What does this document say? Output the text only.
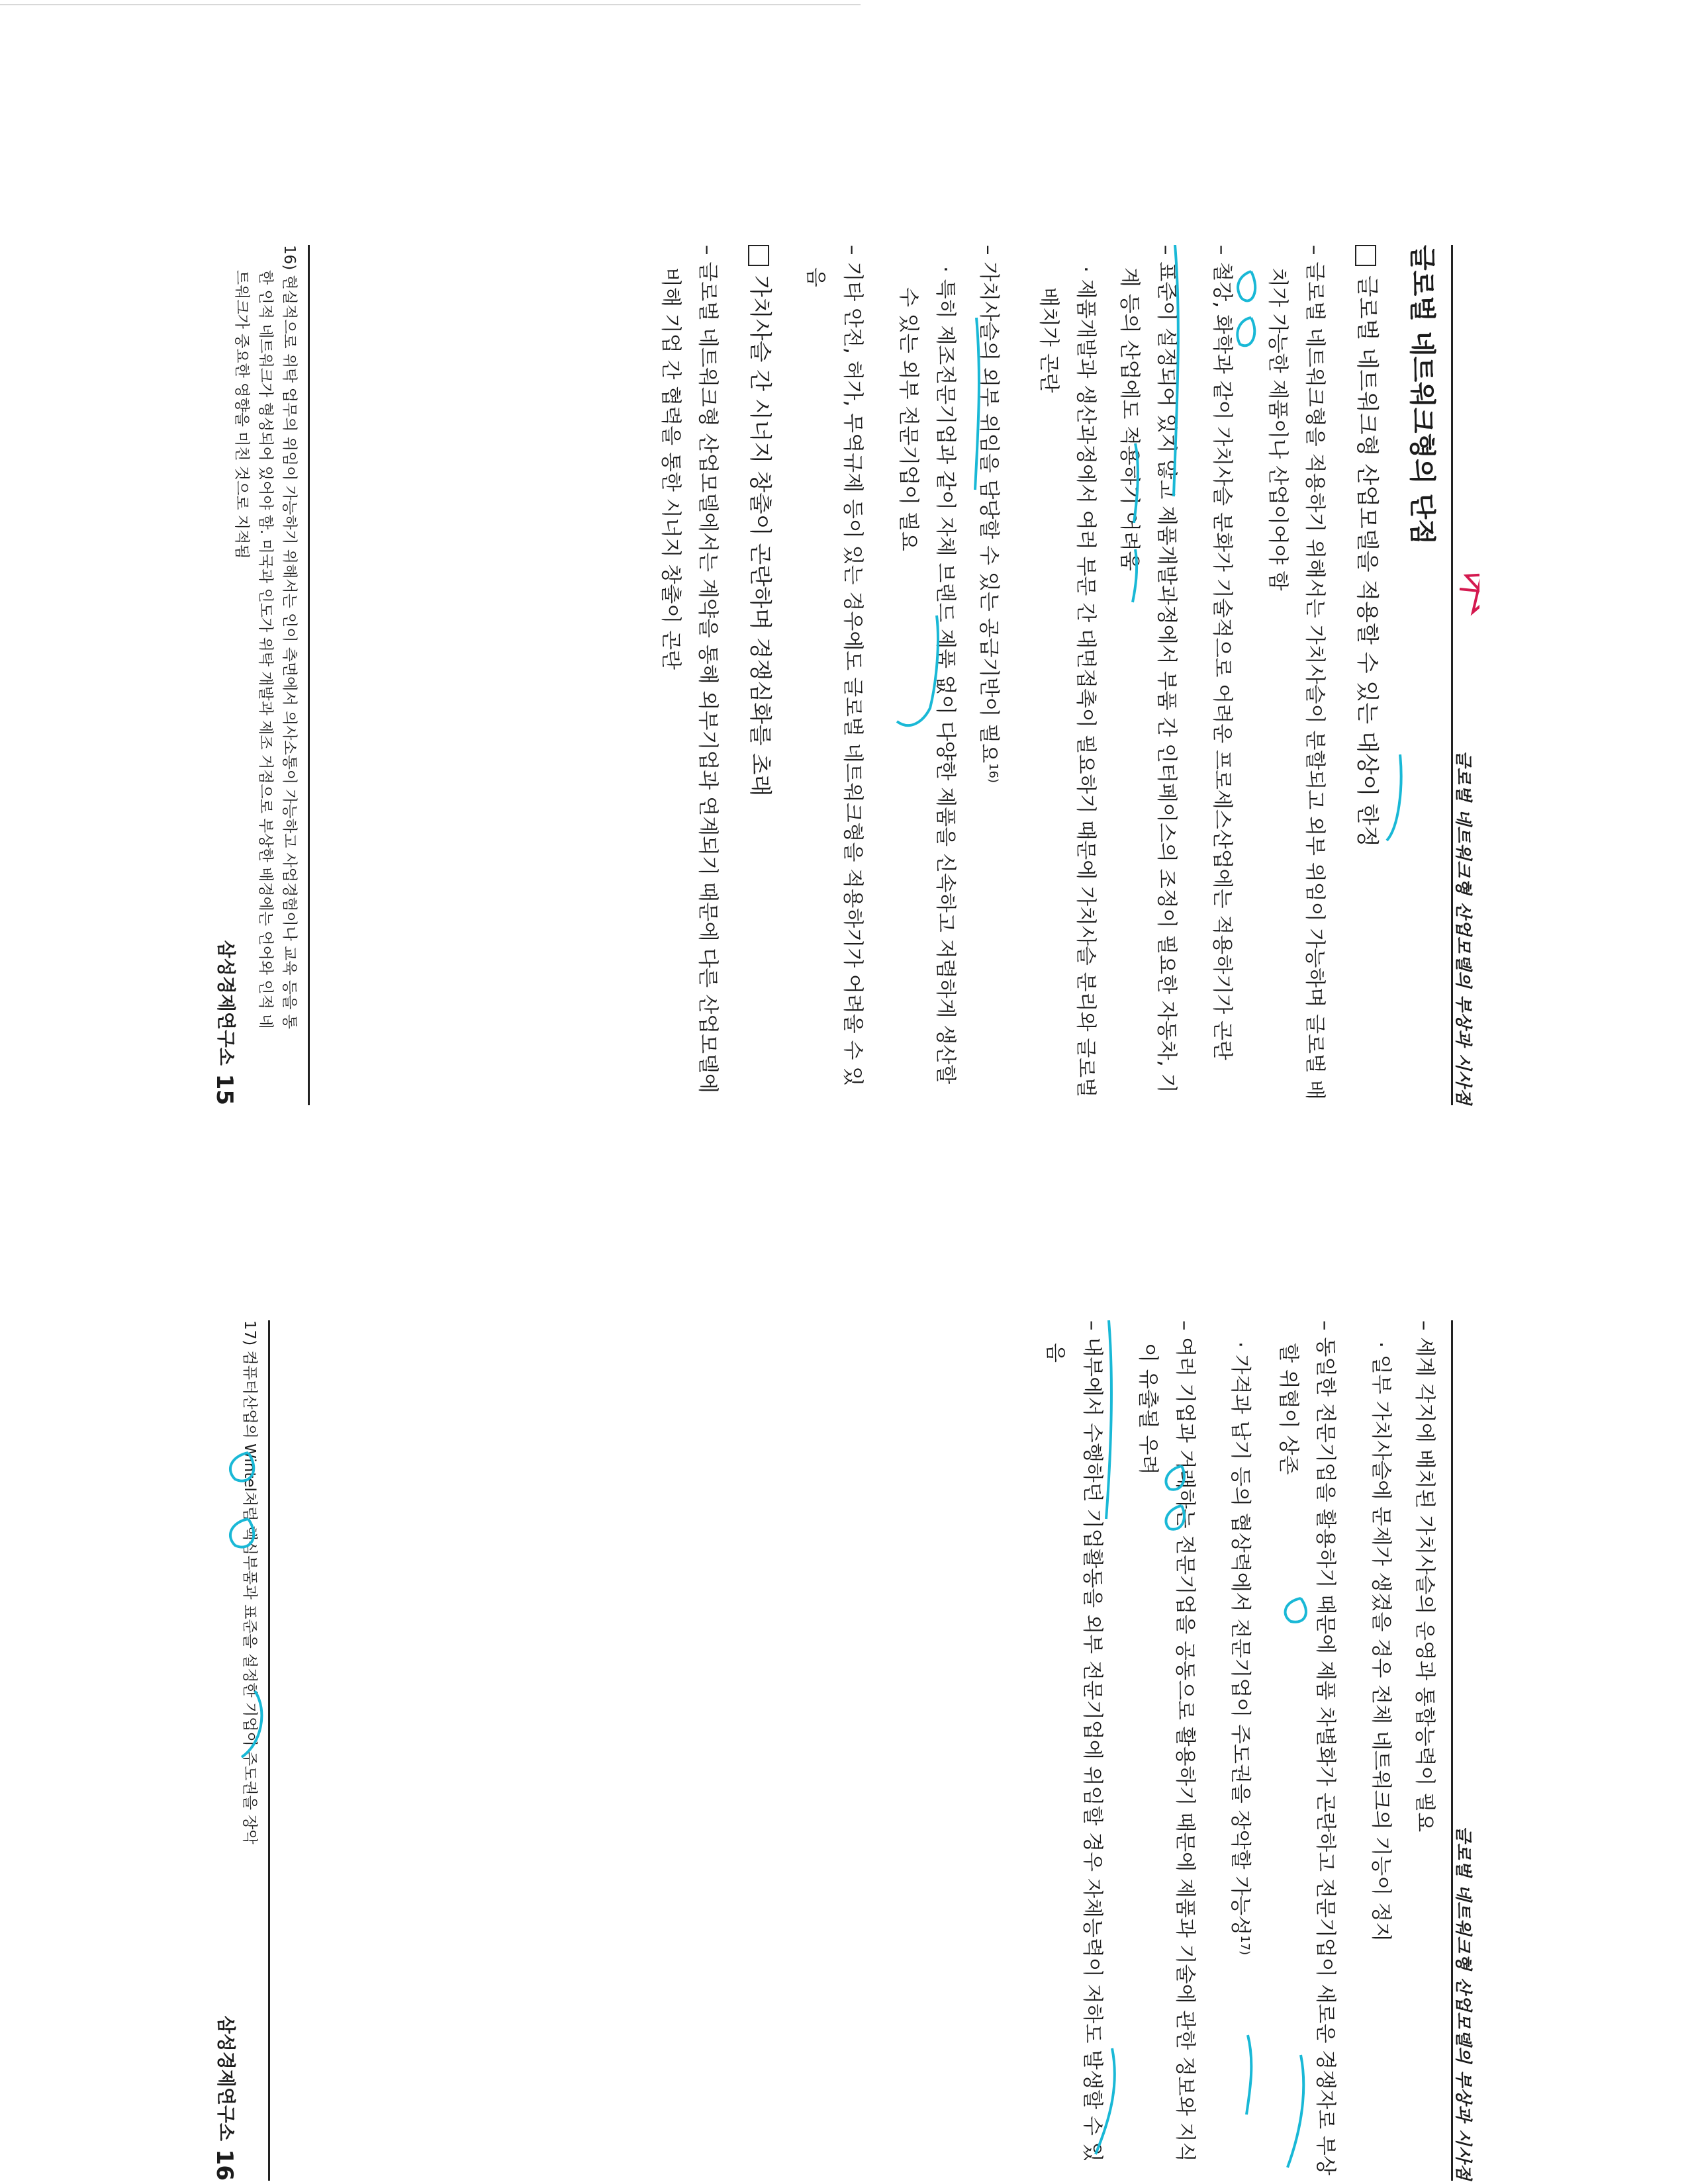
글로벌 네트워크형 산업모델의 부상과 시사점
글로벌 네트워크형의 단점
글로벌 네트워크형 산업모델을 적용할 수 있는 대상이 한정
– 글로벌 네트워크형을 적용하기 위해서는 가치사슬이 분할되고 외부 위임이 가능하며 글로벌 배치가 가능한 제품이나 산업이어야 함
– 철강, 화학과 같이 가치사슬 분화가 기술적으로 어려운 프로세스산업에는 적용하기가 곤란
– 표준이 설정되어 있지 않고 제품개발과정에서 부품 간 인터페이스의 조정이 필요한 자동차, 기계 등의 산업에도 적용하기 어려움
· 제품개발과 생산과정에서 여러 부문 간 대면접촉이 필요하기 때문에 가치사슬 분리와 글로벌 배치가 곤란
– 가치사슬의 외부 위임을 담당할 수 있는 공급기반이 필요$^{16)}$
· 특히 제조전문기업과 같이 자체 브랜드 제품 없이 다양한 제품을 신속하고 저렴하게 생산할 수 있는 외부 전문기업이 필요
– 기타 안전, 허가, 무역규제 등이 있는 경우에도 글로벌 네트워크형을 적용하기가 어려울 수 있음
가치사슬 간 시너지 창출이 곤란하며 경쟁심화를 초래
– 글로벌 네트워크형 산업모델에서는 계약을 통해 외부기업과 연계되기 때문에 다른 산업모델에 비해 기업 간 협력을 통한 시너지 창출이 곤란
16) 현실적으로 위탁 업무의 위임이 가능하기 위해서는 인이 측면에서 의사소통이 가능하고 사업경험이나 교육 등을 통한 인적 네트워크가 형성되어 있어야 함. 미국과 인도가 위탁 개발과 제조 거점으로 부상한 배경에는 언어와 인적 네트워크가 중요한 영향을 미친 것으로 지적됨
삼성경제연구소
15
글로벌 네트워크형 산업모델의 부상과 시사점
– 세계 각지에 배치된 가치사슬의 운영과 통합능력이 필요
· 일부 가치사슬에 문제가 생겼을 경우 전체 네트워크의 기능이 정지
– 동일한 전문기업을 활용하기 때문에 제품 차별화가 곤란하고 전문기업이 새로운 경쟁자로 부상할 위협이 상존
· 가격과 납기 등의 협상력에서 전문기업이 주도권을 장악할 가능성$^{17)}$
– 여러 기업과 거래하는 전문기업을 공동으로 활용하기 때문에 제품과 기술에 관한 정보와 지식이 유출될 우려
– 내부에서 수행하던 기업활동을 외부 전문기업에 위임할 경우 자체능력이 저하도 발생할 수 있음
17) 컴퓨터산업의 Wintel처럼 핵심부품과 표준을 설정한 기업이 주도권을 장악
삼성경제연구소
16
